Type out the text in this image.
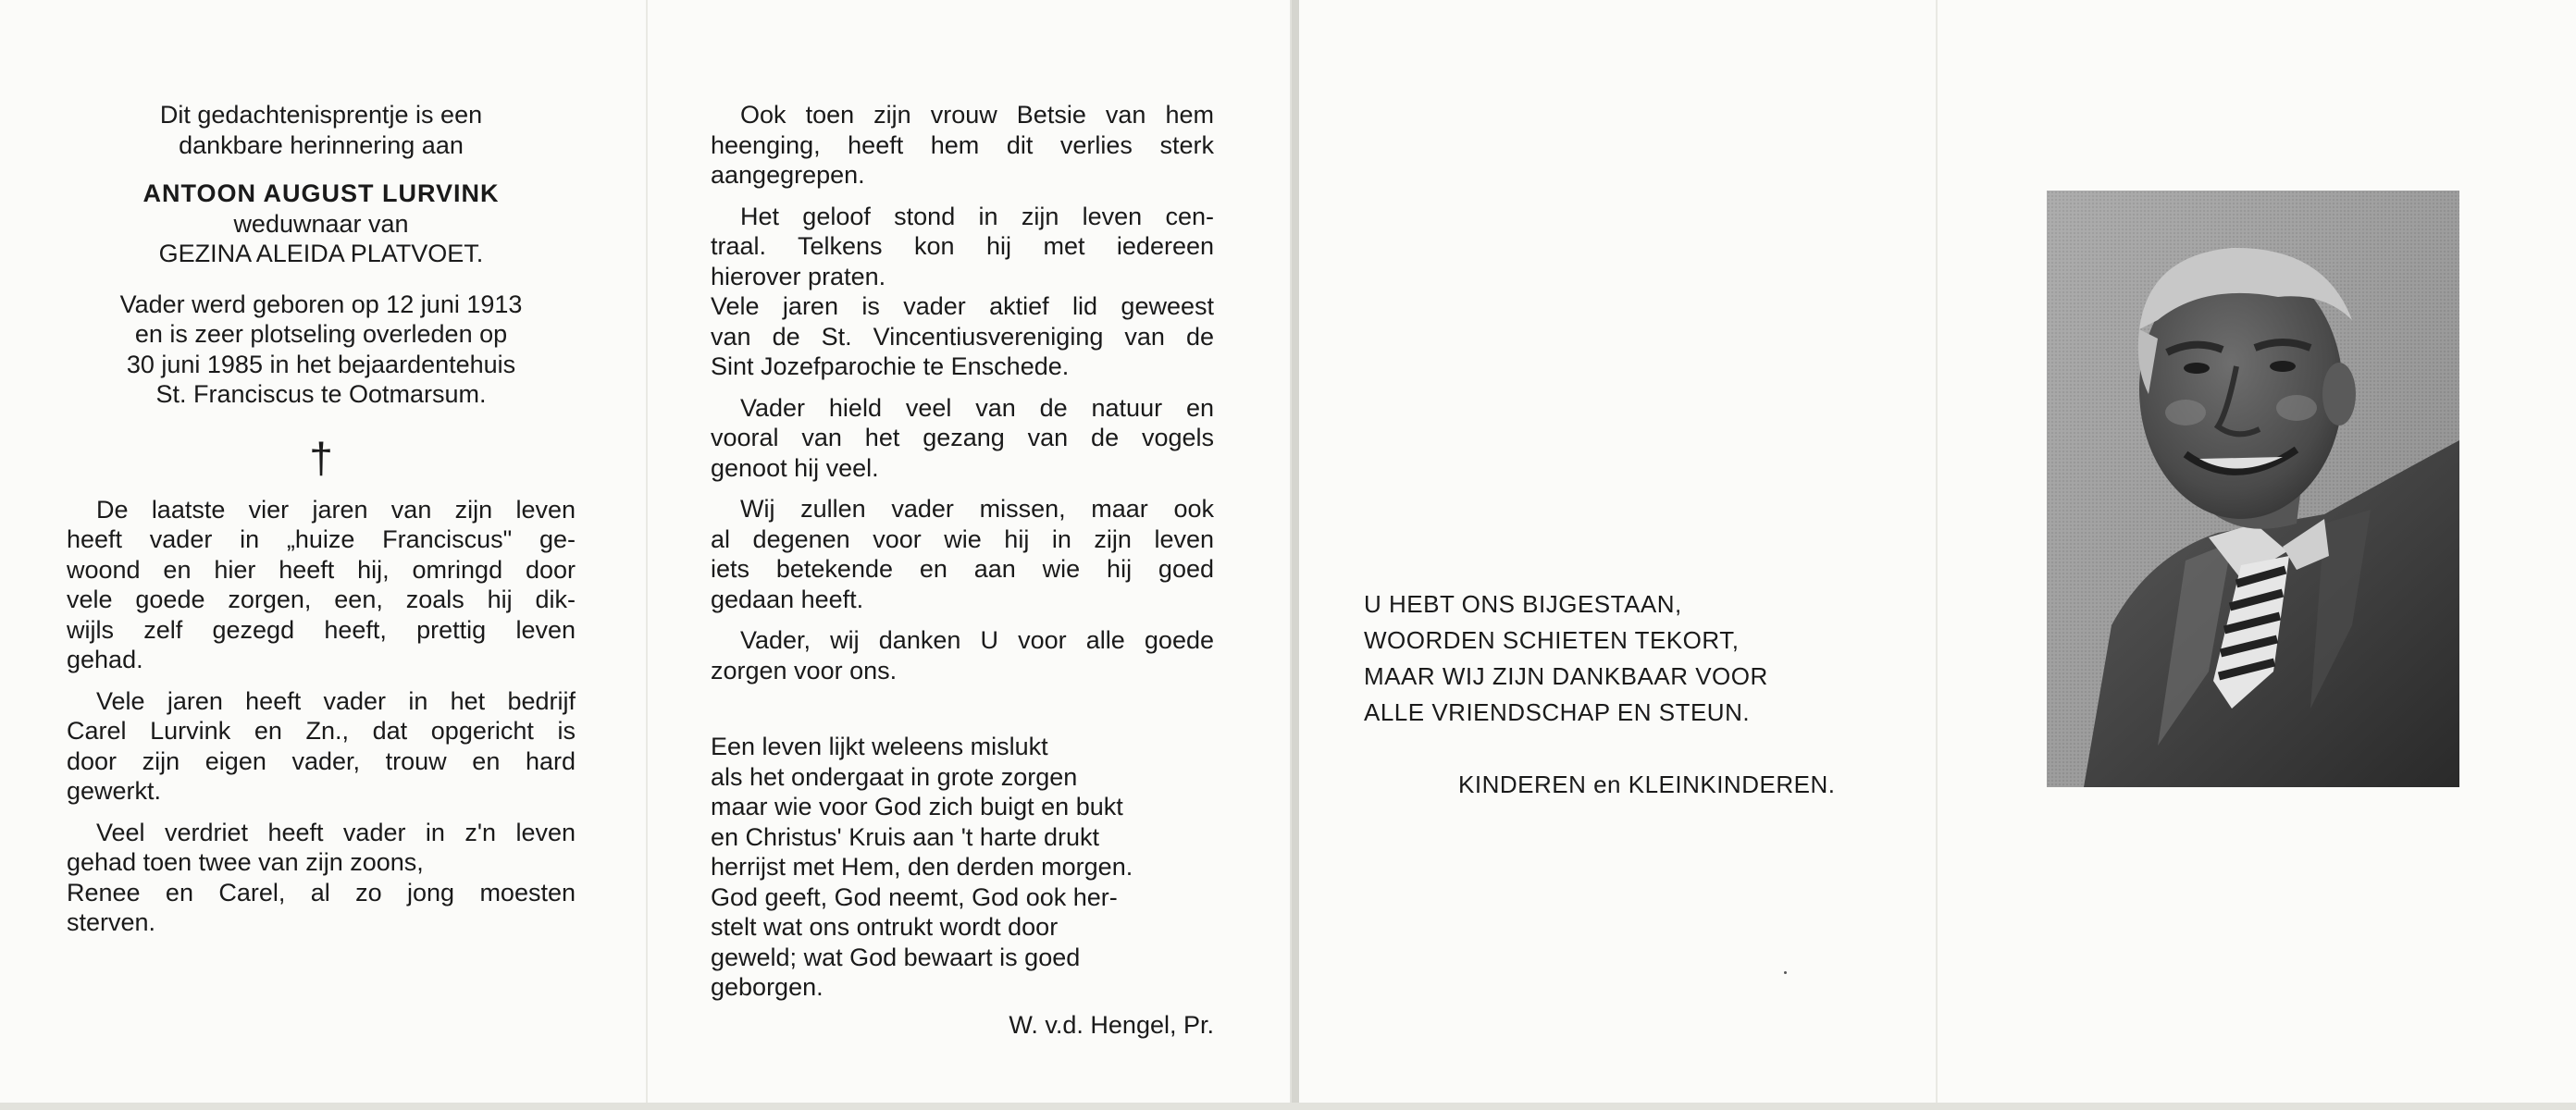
Dit gedachtenisprentje is een

dankbare herinnering aan

ANTOON AUGUST LURVINK

weduwnaar van

GEZINA ALEIDA PLATVOET.

Vader werd geboren op 12 juni 1913

en is zeer plotseling overleden op

30 juni 1985 in het bejaardentehuis

St. Franciscus te Ootmarsum.

†

De laatste vier jaren van zijn leven
heeft vader in „huize Franciscus" ge-
woond en hier heeft hij, omringd door
vele goede zorgen, een, zoals hij dik-
wijls zelf gezegd heeft, prettig leven
gehad.
Vele jaren heeft vader in het bedrijf
Carel Lurvink en Zn., dat opgericht is
door zijn eigen vader, trouw en hard
gewerkt.
Veel verdriet heeft vader in z'n leven
gehad toen twee van zijn zoons,
Renee en Carel, al zo jong moesten
sterven.
Ook toen zijn vrouw Betsie van hem
heenging, heeft hem dit verlies sterk
aangegrepen.
Het geloof stond in zijn leven cen-
traal. Telkens kon hij met iedereen
hierover praten.
Vele jaren is vader aktief lid geweest
van de St. Vincentiusvereniging van de
Sint Jozefparochie te Enschede.
Vader hield veel van de natuur en
vooral van het gezang van de vogels
genoot hij veel.
Wij zullen vader missen, maar ook
al degenen voor wie hij in zijn leven
iets betekende en aan wie hij goed
gedaan heeft.
Vader, wij danken U voor alle goede
zorgen voor ons.

Een leven lijkt weleens mislukt

als het ondergaat in grote zorgen

maar wie voor God zich buigt en bukt

en Christus' Kruis aan 't harte drukt

herrijst met Hem, den derden morgen.

God geeft, God neemt, God ook her-

stelt wat ons ontrukt wordt door

geweld; wat God bewaart is goed

geborgen.

W. v.d. Hengel, Pr.

U HEBT ONS BIJGESTAAN,

WOORDEN SCHIETEN TEKORT,

MAAR WIJ ZIJN DANKBAAR VOOR

ALLE VRIENDSCHAP EN STEUN.

KINDEREN en KLEINKINDEREN.
